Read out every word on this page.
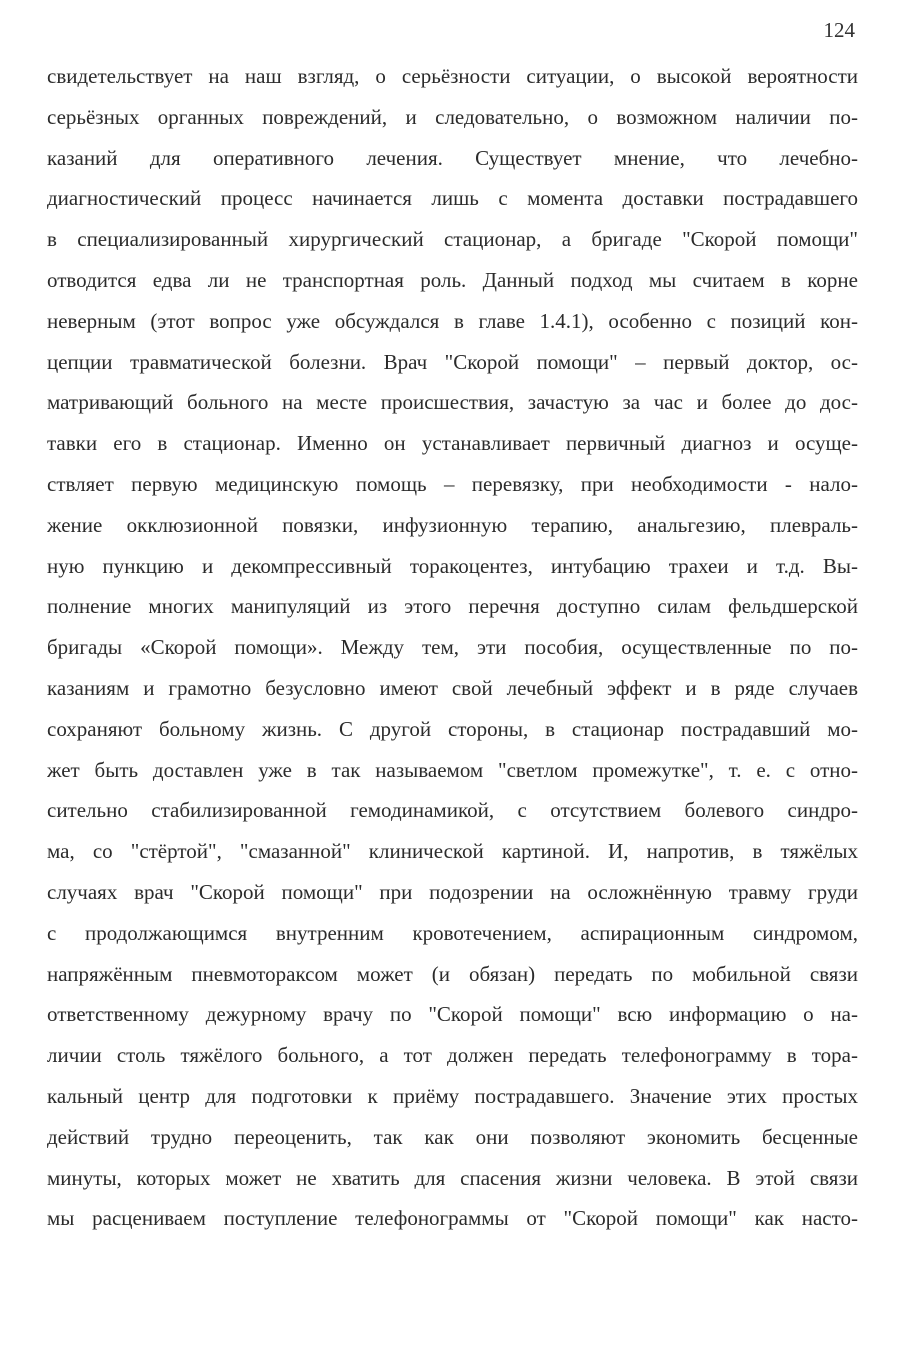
124
свидетельствует на наш взгляд, о серьёзности ситуации, о высокой вероятности
серьёзных органных повреждений, и следовательно, о возможном наличии по-
казаний для оперативного лечения. Существует мнение, что лечебно-
диагностический процесс начинается лишь с момента доставки пострадавшего
в специализированный хирургический стационар, а бригаде "Скорой помощи"
отводится едва ли не транспортная роль. Данный подход мы считаем в корне
неверным (этот вопрос уже обсуждался в главе 1.4.1), особенно с позиций кон-
цепции травматической болезни. Врач "Скорой помощи" – первый доктор, ос-
матривающий больного на месте происшествия, зачастую за час и более до дос-
тавки его в стационар. Именно он устанавливает первичный диагноз и осуще-
ствляет первую медицинскую помощь – перевязку, при необходимости - нало-
жение окклюзионной повязки, инфузионную терапию, анальгезию, плевраль-
ную пункцию и декомпрессивный торакоцентез, интубацию трахеи и т.д. Вы-
полнение многих манипуляций из этого перечня доступно силам фельдшерской
бригады «Скорой помощи». Между тем, эти пособия, осуществленные по по-
казаниям и грамотно безусловно имеют свой лечебный эффект и в ряде случаев
сохраняют больному жизнь. С другой стороны, в стационар пострадавший мо-
жет быть доставлен уже в так называемом "светлом промежутке", т. е. с отно-
сительно стабилизированной гемодинамикой, с отсутствием болевого синдро-
ма, со "стёртой", "смазанной" клинической картиной. И, напротив, в тяжёлых
случаях врач "Скорой помощи" при подозрении на осложнённую травму груди
с продолжающимся внутренним кровотечением, аспирационным синдромом,
напряжённым пневмотораксом может (и обязан) передать по мобильной связи
ответственному дежурному врачу по "Скорой помощи" всю информацию о на-
личии столь тяжёлого больного, а тот должен передать телефонограмму в тора-
кальный центр для подготовки к приёму пострадавшего. Значение этих простых
действий трудно переоценить, так как они позволяют экономить бесценные
минуты, которых может не хватить для спасения жизни человека. В этой связи
мы расцениваем поступление телефонограммы от "Скорой помощи" как насто-
